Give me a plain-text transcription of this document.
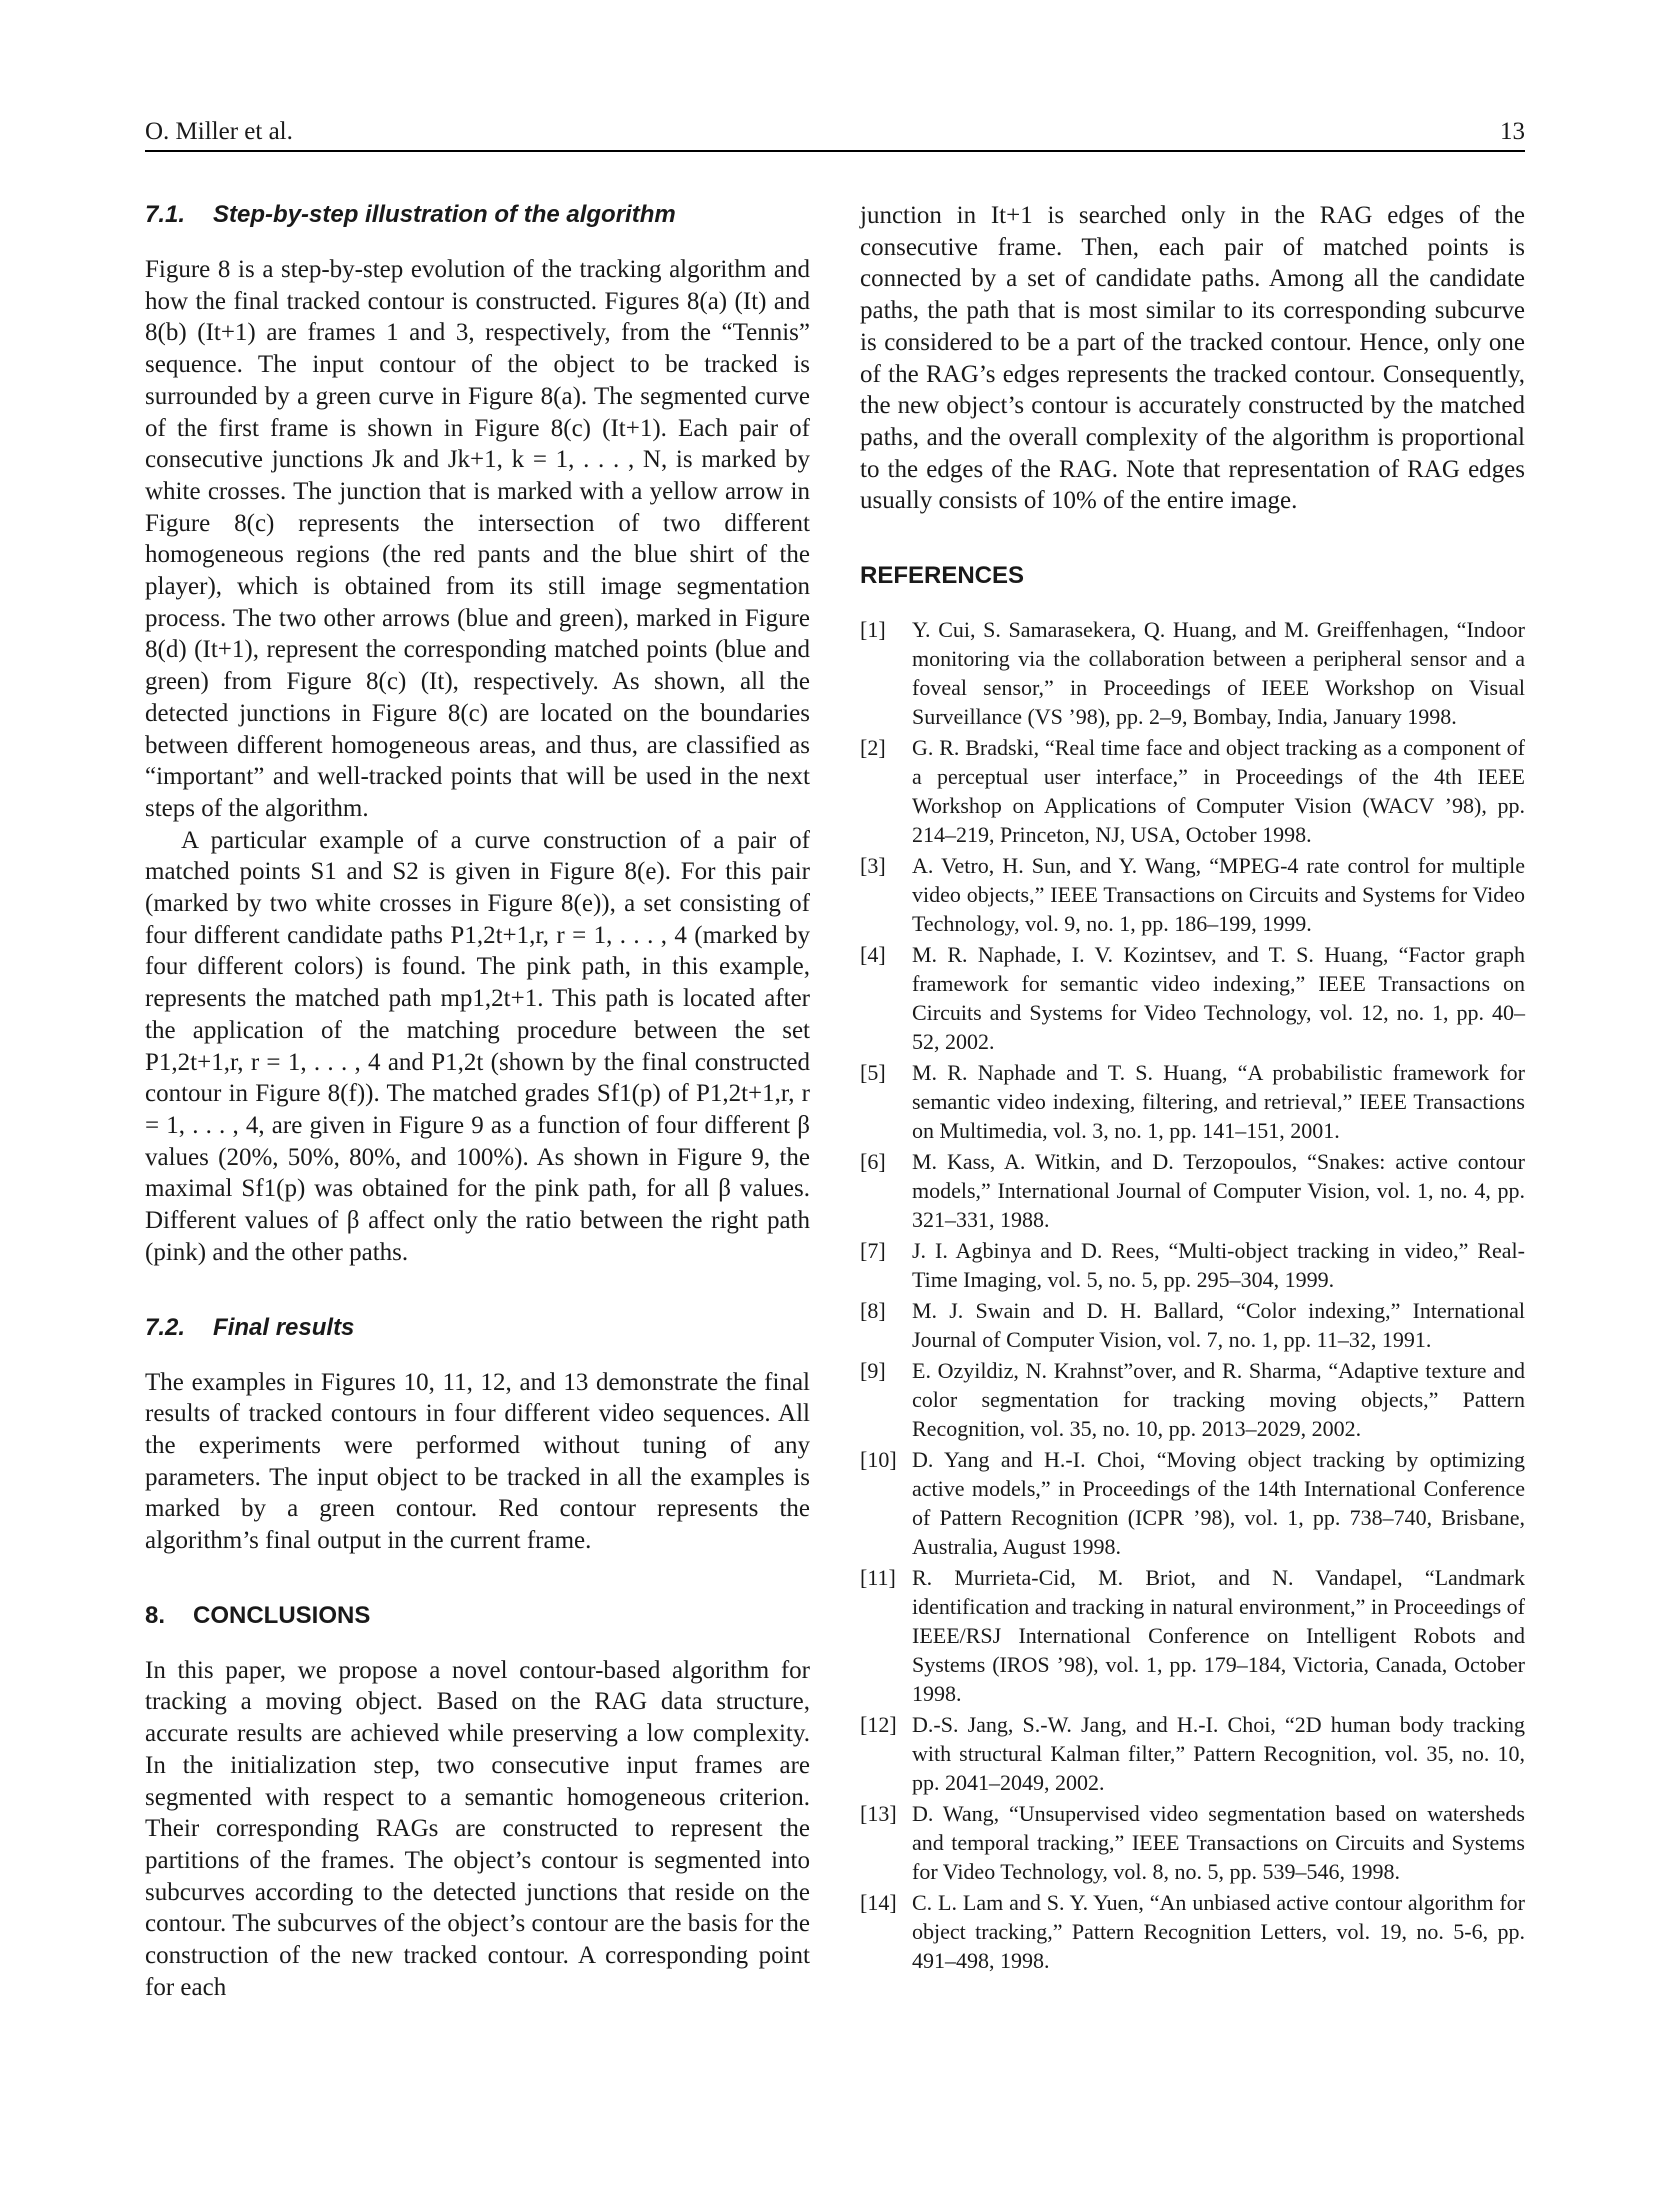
O. Miller et al.	13
7.1. Step-by-step illustration of the algorithm

Figure 8 is a step-by-step evolution of the tracking algorithm and how the final tracked contour is constructed. Figures 8(a) (It) and 8(b) (It+1) are frames 1 and 3, respectively, from the “Tennis” sequence. The input contour of the object to be tracked is surrounded by a green curve in Figure 8(a). The segmented curve of the first frame is shown in Figure 8(c) (It+1). Each pair of consecutive junctions Jk and Jk+1, k = 1, . . . , N, is marked by white crosses. The junction that is marked with a yellow arrow in Figure 8(c) represents the intersection of two different homogeneous regions (the red pants and the blue shirt of the player), which is obtained from its still image segmentation process. The two other arrows (blue and green), marked in Figure 8(d) (It+1), represent the corresponding matched points (blue and green) from Figure 8(c) (It), respectively. As shown, all the detected junctions in Figure 8(c) are located on the boundaries between different homogeneous areas, and thus, are classified as “important” and well-tracked points that will be used in the next steps of the algorithm.

A particular example of a curve construction of a pair of matched points S1 and S2 is given in Figure 8(e). For this pair (marked by two white crosses in Figure 8(e)), a set consisting of four different candidate paths P1,2t+1,r, r = 1, . . . , 4 (marked by four different colors) is found. The pink path, in this example, represents the matched path mp1,2t+1. This path is located after the application of the matching procedure between the set P1,2t+1,r, r = 1, . . . , 4 and P1,2t (shown by the final constructed contour in Figure 8(f)). The matched grades Sf1(p) of P1,2t+1,r, r = 1, . . . , 4, are given in Figure 9 as a function of four different β values (20%, 50%, 80%, and 100%). As shown in Figure 9, the maximal Sf1(p) was obtained for the pink path, for all β values. Different values of β affect only the ratio between the right path (pink) and the other paths.

7.2. Final results

The examples in Figures 10, 11, 12, and 13 demonstrate the final results of tracked contours in four different video sequences. All the experiments were performed without tuning of any parameters. The input object to be tracked in all the examples is marked by a green contour. Red contour represents the algorithm’s final output in the current frame.

8. CONCLUSIONS

In this paper, we propose a novel contour-based algorithm for tracking a moving object. Based on the RAG data structure, accurate results are achieved while preserving a low complexity. In the initialization step, two consecutive input frames are segmented with respect to a semantic homogeneous criterion. Their corresponding RAGs are constructed to represent the partitions of the frames. The object’s contour is segmented into subcurves according to the detected junctions that reside on the contour. The subcurves of the object’s contour are the basis for the construction of the new tracked contour. A corresponding point for each

junction in It+1 is searched only in the RAG edges of the consecutive frame. Then, each pair of matched points is connected by a set of candidate paths. Among all the candidate paths, the path that is most similar to its corresponding subcurve is considered to be a part of the tracked contour. Hence, only one of the RAG’s edges represents the tracked contour. Consequently, the new object’s contour is accurately constructed by the matched paths, and the overall complexity of the algorithm is proportional to the edges of the RAG. Note that representation of RAG edges usually consists of 10% of the entire image.

REFERENCES
[1] Y. Cui, S. Samarasekera, Q. Huang, and M. Greiffenhagen, “Indoor monitoring via the collaboration between a peripheral sensor and a foveal sensor,” in Proceedings of IEEE Workshop on Visual Surveillance (VS ’98), pp. 2–9, Bombay, India, January 1998.
[2] G. R. Bradski, “Real time face and object tracking as a component of a perceptual user interface,” in Proceedings of the 4th IEEE Workshop on Applications of Computer Vision (WACV ’98), pp. 214–219, Princeton, NJ, USA, October 1998.
[3] A. Vetro, H. Sun, and Y. Wang, “MPEG-4 rate control for multiple video objects,” IEEE Transactions on Circuits and Systems for Video Technology, vol. 9, no. 1, pp. 186–199, 1999.
[4] M. R. Naphade, I. V. Kozintsev, and T. S. Huang, “Factor graph framework for semantic video indexing,” IEEE Transactions on Circuits and Systems for Video Technology, vol. 12, no. 1, pp. 40–52, 2002.
[5] M. R. Naphade and T. S. Huang, “A probabilistic framework for semantic video indexing, filtering, and retrieval,” IEEE Transactions on Multimedia, vol. 3, no. 1, pp. 141–151, 2001.
[6] M. Kass, A. Witkin, and D. Terzopoulos, “Snakes: active contour models,” International Journal of Computer Vision, vol. 1, no. 4, pp. 321–331, 1988.
[7] J. I. Agbinya and D. Rees, “Multi-object tracking in video,” Real-Time Imaging, vol. 5, no. 5, pp. 295–304, 1999.
[8] M. J. Swain and D. H. Ballard, “Color indexing,” International Journal of Computer Vision, vol. 7, no. 1, pp. 11–32, 1991.
[9] E. Ozyildiz, N. Krahnst”over, and R. Sharma, “Adaptive texture and color segmentation for tracking moving objects,” Pattern Recognition, vol. 35, no. 10, pp. 2013–2029, 2002.
[10] D. Yang and H.-I. Choi, “Moving object tracking by optimizing active models,” in Proceedings of the 14th International Conference of Pattern Recognition (ICPR ’98), vol. 1, pp. 738–740, Brisbane, Australia, August 1998.
[11] R. Murrieta-Cid, M. Briot, and N. Vandapel, “Landmark identification and tracking in natural environment,” in Proceedings of IEEE/RSJ International Conference on Intelligent Robots and Systems (IROS ’98), vol. 1, pp. 179–184, Victoria, Canada, October 1998.
[12] D.-S. Jang, S.-W. Jang, and H.-I. Choi, “2D human body tracking with structural Kalman filter,” Pattern Recognition, vol. 35, no. 10, pp. 2041–2049, 2002.
[13] D. Wang, “Unsupervised video segmentation based on watersheds and temporal tracking,” IEEE Transactions on Circuits and Systems for Video Technology, vol. 8, no. 5, pp. 539–546, 1998.
[14] C. L. Lam and S. Y. Yuen, “An unbiased active contour algorithm for object tracking,” Pattern Recognition Letters, vol. 19, no. 5-6, pp. 491–498, 1998.
